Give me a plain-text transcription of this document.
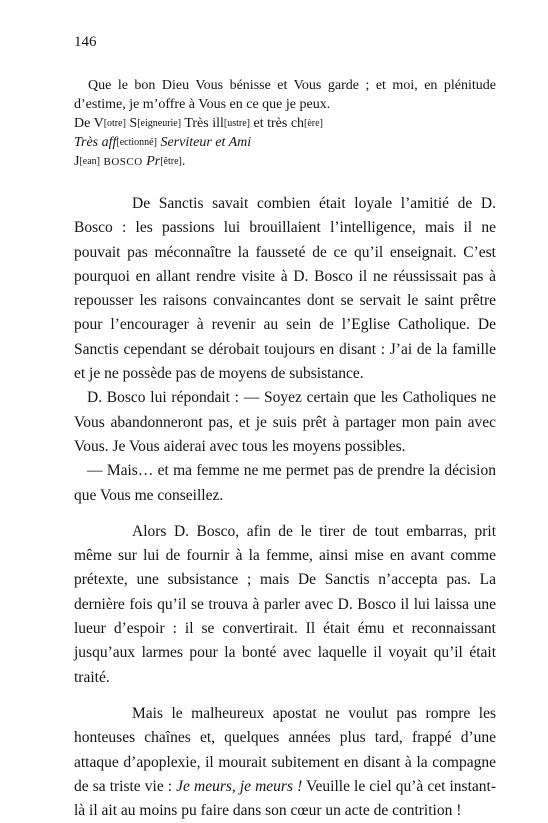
146

Que le bon Dieu Vous bénisse et Vous garde ; et moi, en plénitude d’estime, je m’offre à Vous en ce que je peux.

De V[otre] S[eigneurie] Très ill[ustre] et très ch[ère]

Très aff[ectionné] Serviteur et Ami

J[ean] BOSCO Pr[être].

De Sanctis savait combien était loyale l’amitié de D. Bosco : les passions lui brouillaient l’intelligence, mais il ne pouvait pas méconnaître la fausseté de ce qu’il enseignait. C’est pourquoi en allant rendre visite à D. Bosco il ne réussissait pas à repousser les raisons convaincantes dont se servait le saint prêtre pour l’encourager à revenir au sein de l’Eglise Catholique. De Sanctis cependant se dérobait toujours en disant : J’ai de la famille et je ne possède pas de moyens de subsistance.

D. Bosco lui répondait : — Soyez certain que les Catholiques ne Vous abandonneront pas, et je suis prêt à partager mon pain avec Vous. Je Vous aiderai avec tous les moyens possibles.

— Mais… et ma femme ne me permet pas de prendre la décision que Vous me conseillez.

Alors D. Bosco, afin de le tirer de tout embarras, prit même sur lui de fournir à la femme, ainsi mise en avant comme prétexte, une subsistance ; mais De Sanctis n’accepta pas. La dernière fois qu’il se trouva à parler avec D. Bosco il lui laissa une lueur d’espoir : il se convertirait. Il était ému et reconnaissant jusqu’aux larmes pour la bonté avec laquelle il voyait qu’il était traité.

Mais le malheureux apostat ne voulut pas rompre les honteuses chaînes et, quelques années plus tard, frappé d’une attaque d’apoplexie, il mourait subitement en disant à la compagne de sa triste vie : Je meurs, je meurs ! Veuille le ciel qu’à cet instant-là il ait au moins pu faire dans son cœur un acte de contrition !
